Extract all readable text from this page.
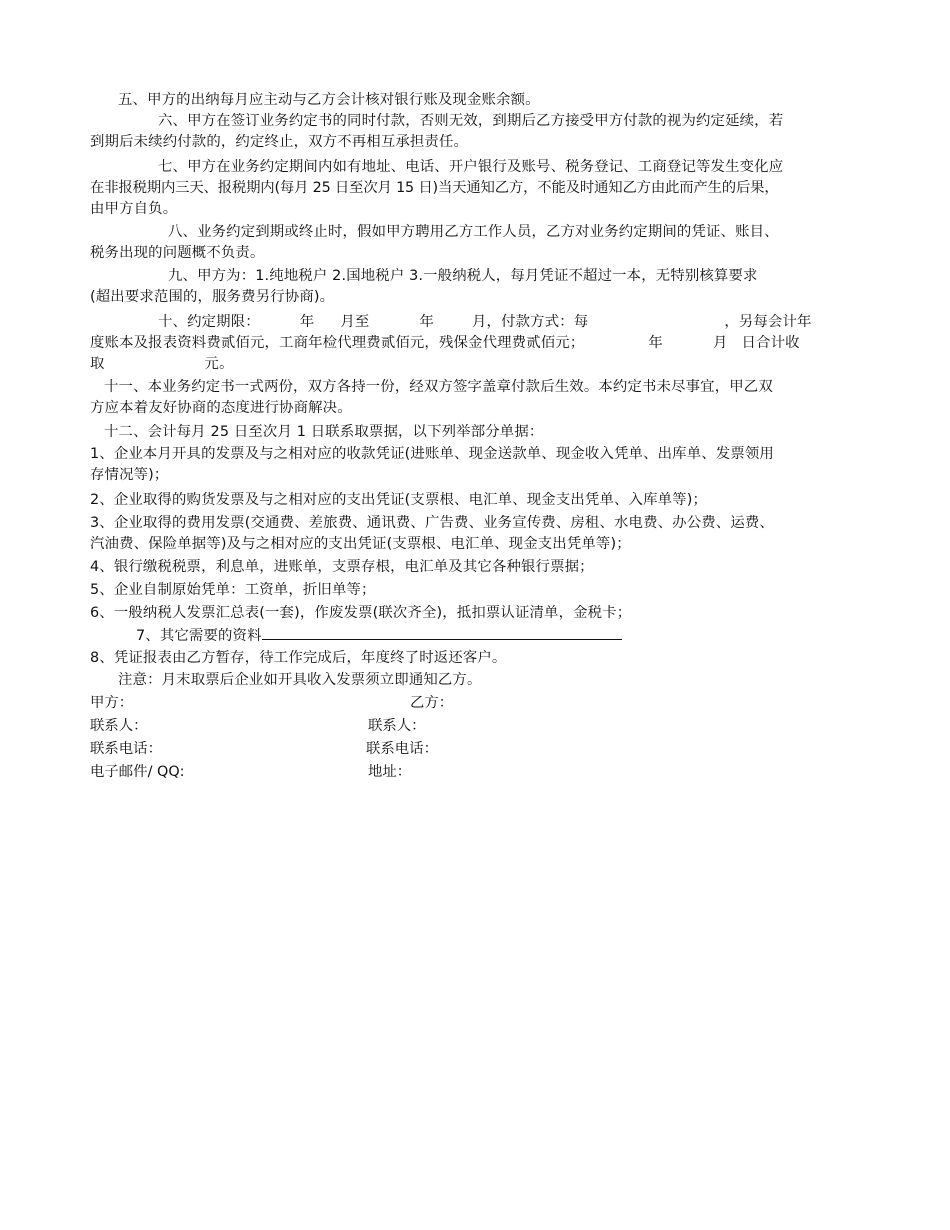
五、甲方的出纳每月应主动与乙方会计核对银行账及现金账余额。
六、甲方在签订业务约定书的同时付款，否则无效，到期后乙方接受甲方付款的视为约定延续，若
到期后未续约付款的，约定终止，双方不再相互承担责任。
七、甲方在业务约定期间内如有地址、电话、开户银行及账号、税务登记、工商登记等发生变化应
在非报税期内三天、报税期内(每月 25 日至次月 15 日)当天通知乙方，不能及时通知乙方由此而产生的后果，
由甲方自负。
八、业务约定到期或终止时，假如甲方聘用乙方工作人员，乙方对业务约定期间的凭证、账目、
税务出现的问题概不负责。
九、甲方为：1.纯地税户 2.国地税户 3.一般纳税人，每月凭证不超过一本，无特别核算要求
(超出要求范围的，服务费另行协商)。
十、约定期限：	年 月至	年	月，付款方式：每	，另每会计年
度账本及报表资料费贰佰元，工商年检代理费贰佰元，残保金代理费贰佰元；	年	月 日合计收
取	元。
十一、本业务约定书一式两份，双方各持一份，经双方签字盖章付款后生效。本约定书未尽事宜，甲乙双
方应本着友好协商的态度进行协商解决。
十二、会计每月 25 日至次月 1 日联系取票据，以下列举部分单据：
1、企业本月开具的发票及与之相对应的收款凭证(进账单、现金送款单、现金收入凭单、出库单、发票领用
存情况等)；
2、企业取得的购货发票及与之相对应的支出凭证(支票根、电汇单、现金支出凭单、入库单等)；
3、企业取得的费用发票(交通费、差旅费、通讯费、广告费、业务宣传费、房租、水电费、办公费、运费、
汽油费、保险单据等)及与之相对应的支出凭证(支票根、电汇单、现金支出凭单等)；
4、银行缴税税票，利息单，进账单，支票存根，电汇单及其它各种银行票据；
5、企业自制原始凭单：工资单，折旧单等；
6、一般纳税人发票汇总表(一套)，作废发票(联次齐全)，抵扣票认证清单，金税卡；
7、其它需要的资料
8、凭证报表由乙方暂存，待工作完成后，年度终了时返还客户。
注意：月末取票后企业如开具收入发票须立即通知乙方。
甲方：	乙方：
联系人：	联系人：
联系电话：	联系电话：
电子邮件/ QQ:	地址：
